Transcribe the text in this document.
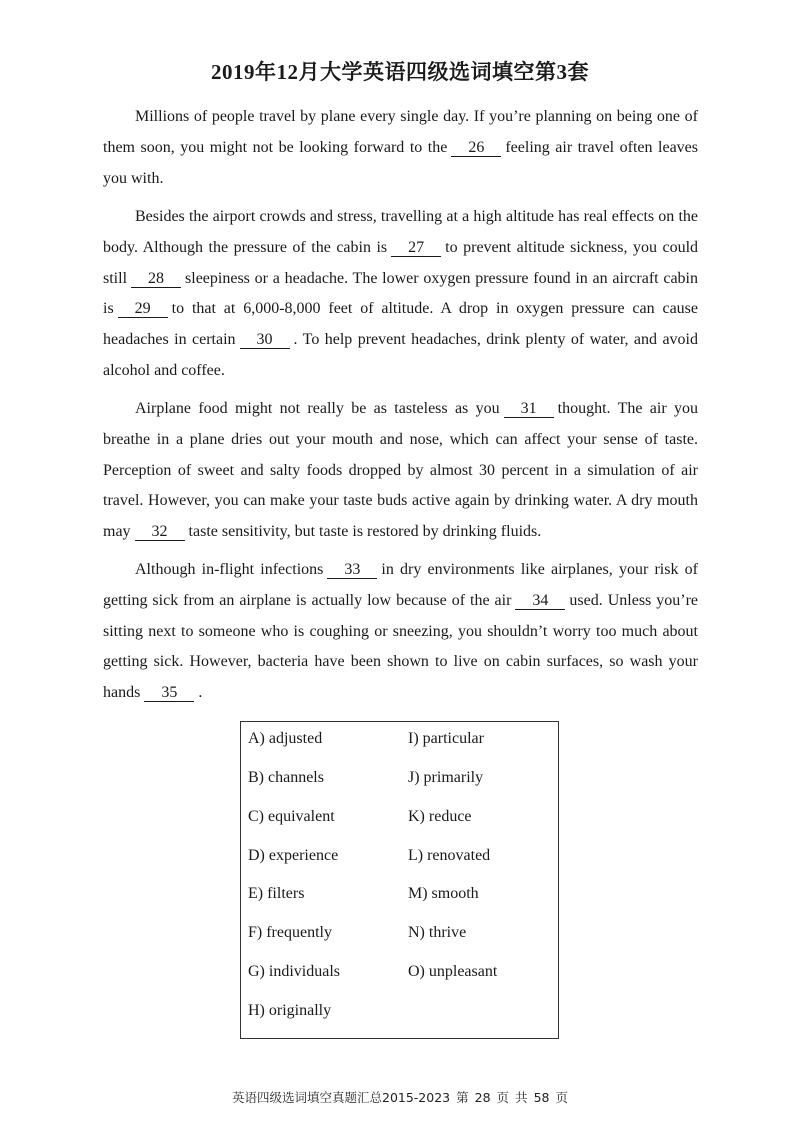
2019年12月大学英语四级选词填空第3套

Millions of people travel by plane every single day. If you’re planning on being one of them soon, you might not be looking forward to the 26 feeling air travel often leaves you with.

Besides the airport crowds and stress, travelling at a high altitude has real effects on the body. Although the pressure of the cabin is 27 to prevent altitude sickness, you could still 28 sleepiness or a headache. The lower oxygen pressure found in an aircraft cabin is 29 to that at 6,000-8,000 feet of altitude. A drop in oxygen pressure can cause headaches in certain 30 . To help prevent headaches, drink plenty of water, and avoid alcohol and coffee.

Airplane food might not really be as tasteless as you 31 thought. The air you breathe in a plane dries out your mouth and nose, which can affect your sense of taste. Perception of sweet and salty foods dropped by almost 30 percent in a simulation of air travel. However, you can make your taste buds active again by drinking water. A dry mouth may 32 taste sensitivity, but taste is restored by drinking fluids.

Although in-flight infections 33 in dry environments like airplanes, your risk of getting sick from an airplane is actually low because of the air 34 used. Unless you’re sitting next to someone who is coughing or sneezing, you shouldn’t worry too much about getting sick. However, bacteria have been shown to live on cabin surfaces, so wash your hands 35 .

A) adjusted
B) channels
C) equivalent
D) experience
E) filters
F) frequently
G) individuals
H) originally
I) particular
J) primarily
K) reduce
L) renovated
M) smooth
N) thrive
O) unpleasant
英语四级选词填空真题汇总2015-2023 第 28 页 共 58 页
